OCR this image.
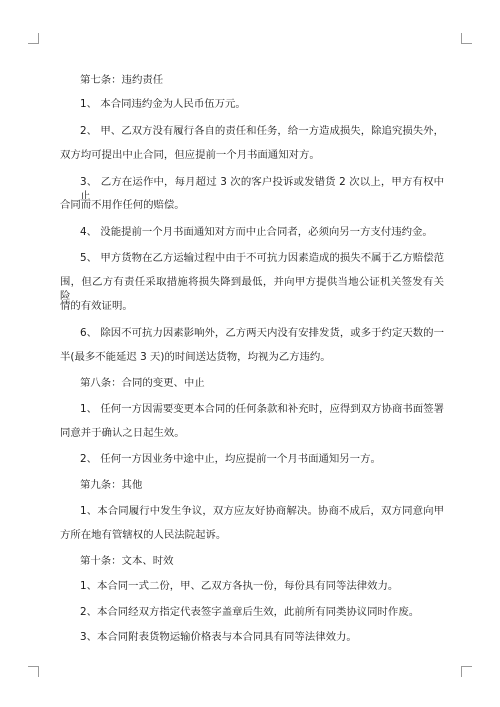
第七条：违约责任
1、 本合同违约金为人民币伍万元。
2、 甲、乙双方没有履行各自的责任和任务，给一方造成损失，除追究损失外，
双方均可提出中止合同，但应提前一个月书面通知对方。
3、 乙方在运作中，每月超过 3 次的客户投诉或发错货 2 次以上，甲方有权中止
合同而不用作任何的赔偿。
4、 没能提前一个月书面通知对方而中止合同者，必须向另一方支付违约金。
5、 甲方货物在乙方运输过程中由于不可抗力因素造成的损失不属于乙方赔偿范
围，但乙方有责任采取措施将损失降到最低，并向甲方提供当地公证机关签发有关险
情的有效证明。
6、 除因不可抗力因素影响外，乙方两天内没有安排发货，或多于约定天数的一
半(最多不能延迟 3 天)的时间送达货物，均视为乙方违约。
第八条：合同的变更、中止
1、 任何一方因需要变更本合同的任何条款和补充时，应得到双方协商书面签署
同意并于确认之日起生效。
2、 任何一方因业务中途中止，均应提前一个月书面通知另一方。
第九条：其他
1、本合同履行中发生争议，双方应友好协商解决。协商不成后，双方同意向甲
方所在地有管辖权的人民法院起诉。
第十条：文本、时效
1、本合同一式二份，甲、乙双方各执一份，每份具有同等法律效力。
2、本合同经双方指定代表签字盖章后生效，此前所有同类协议同时作废。
3、本合同附表货物运输价格表与本合同具有同等法律效力。
